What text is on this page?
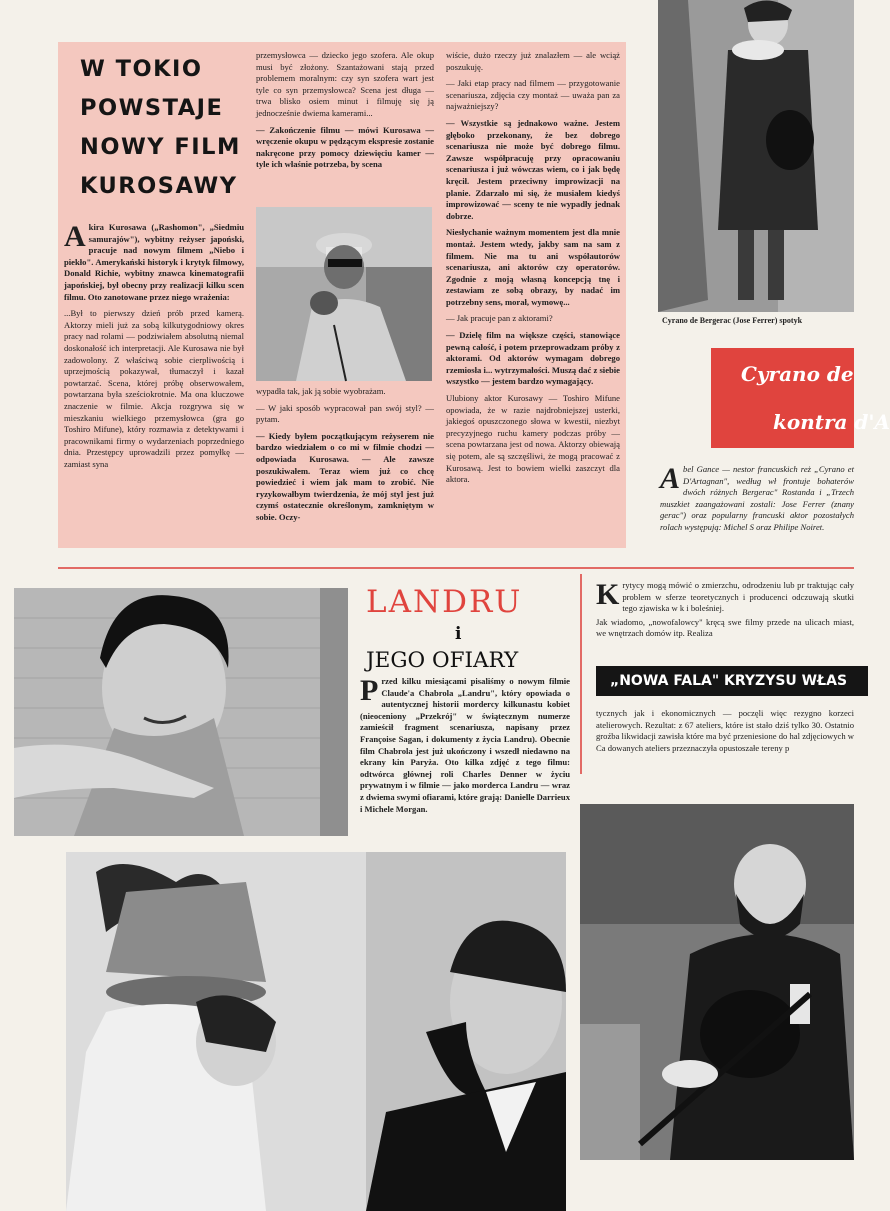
W TOKIO
POWSTAJE
NOWY FILM
KUROSAWY

Akira Kurosawa („Rashomon", „Siedmiu samurajów"), wybitny reżyser japoński, pracuje nad nowym filmem „Niebo i piekło". Amerykański historyk i krytyk filmowy, Donald Richie, wybitny znawca kinematografii japońskiej, był obecny przy realizacji kilku scen filmu. Oto zanotowane przez niego wrażenia:

...Był to pierwszy dzień prób przed kamerą. Aktorzy mieli już za sobą kilkutygodniowy okres pracy nad rolami — podziwiałem absolutną niemal doskonałość ich interpretacji. Ale Kurosawa nie był zadowolony. Z właściwą sobie cierpliwością i uprzejmością pokazywał, tłumaczył i kazał powtarzać. Scena, której próbę obserwowałem, powtarzana była sześciokrotnie. Ma ona kluczowe znaczenie w filmie. Akcja rozgrywa się w mieszkaniu wielkiego przemysłowca (gra go Toshiro Mifune), który rozmawia z detektywami i pracownikami firmy o wydarzeniach poprzedniego dnia. Przestępcy uprowadzili przez pomyłkę — zamiast syna

przemysłowca — dziecko jego szofera. Ale okup musi być złożony. Szantażowani stają przed problemem moralnym: czy syn szofera wart jest tyle co syn przemysłowca? Scena jest długa — trwa blisko osiem minut i filmuję się ją jednocześnie dwiema kamerami...

— Zakończenie filmu — mówi Kurosawa — wręczenie okupu w pędzącym ekspresie zostanie nakręcone przy pomocy dziewięciu kamer — tyle ich właśnie potrzeba, by scena

wypadła tak, jak ją sobie wyobrażam.

— W jaki sposób wypracował pan swój styl? — pytam.

— Kiedy byłem początkującym reżyserem nie bardzo wiedziałem o co mi w filmie chodzi — odpowiada Kurosawa. — Ale zawsze poszukiwałem. Teraz wiem już co chcę powiedzieć i wiem jak mam to zrobić. Nie ryzykowałbym twierdzenia, że mój styl jest już czymś ostatecznie określonym, zamkniętym w sobie. Oczy-

wiście, dużo rzeczy już znalazłem — ale wciąż poszukuję.

— Jaki etap pracy nad filmem — przygotowanie scenariusza, zdjęcia czy montaż — uważa pan za najważniejszy?

— Wszystkie są jednakowo ważne. Jestem głęboko przekonany, że bez dobrego scenariusza nie może być dobrego filmu. Zawsze współpracuję przy opracowaniu scenariusza i już wówczas wiem, co i jak będę kręcił. Jestem przeciwny improwizacji na planie. Zdarzało mi się, że musiałem kiedyś improwizować — sceny te nie wypadły jednak dobrze.

Niesłychanie ważnym momentem jest dla mnie montaż. Jestem wtedy, jakby sam na sam z filmem. Nie ma tu ani współautorów scenariusza, ani aktorów czy operatorów. Zgodnie z moją własną koncepcją tnę i zestawiam ze sobą obrazy, by nadać im potrzebny sens, morał, wymowę...

— Jak pracuje pan z aktorami?

— Dzielę film na większe części, stanowiące pewną całość, i potem przeprowadzam próby z aktorami. Od aktorów wymagam dobrego rzemiosła i... wytrzymałości. Muszą dać z siebie wszystko — jestem bardzo wymagający.

Ulubiony aktor Kurosawy — Toshiro Mifune opowiada, że w razie najdrobniejszej usterki, jakiegoś opuszczonego słowa w kwestii, niezbyt precyzyjnego ruchu kamery podczas próby — scena powtarzana jest od nowa. Aktorzy obiewają się potem, ale są szczęśliwi, że mogą pracować z Kurosawą. Jest to bowiem wielki zaszczyt dla aktora.

Cyrano de Bergerac (Jose Ferrer) spotyk
Cyrano de
kontra d'A

Abel Gance — nestor francuskich reż „Cyrano et D'Artagnan", według wł frontuje bohaterów dwóch różnych Bergerac" Rostanda i „Trzech muszkiet zaangażowani zostali: Jose Ferrer (znany gerac") oraz popularny francuski aktor pozostałych rolach występują: Michel S oraz Philipe Noiret.

LANDRU
i
JEGO OFIARY

Przed kilku miesiącami pisaliśmy o nowym filmie Claude'a Chabrola „Landru", który opowiada o autentycznej historii mordercy kilkunastu kobiet (nieoceniony „Przekrój" w świątecznym numerze zamieścił fragment scenariusza, napisany przez Françoise Sagan, i dokumenty z życia Landru). Obecnie film Chabrola jest już ukończony i wszedł niedawno na ekrany kin Paryża. Oto kilka zdjęć z tego filmu: odtwórca głównej roli Charles Denner w życiu prywatnym i w filmie — jako morderca Landru — wraz z dwiema swymi ofiarami, które grają: Danielle Darrieux i Michele Morgan.

Krytycy mogą mówić o zmierzchu, odrodzeniu lub pr traktując cały problem w sferze teoretycznych i producenci odczuwają skutki tego zjawiska w k i boleśniej.

Jak wiadomo, „nowofalowcy" kręcą swe filmy przede na ulicach miast, we wnętrzach domów itp. Realiza

„NOWA FALA" KRYZYSU WŁAS

tycznych jak i ekonomicznych — poczęli więc rezygno korzeci atelierowych. Rezultat: z 67 ateliers, które ist stało dziś tylko 30. Ostatnio groźba likwidacji zawisła które ma być przeniesione do hal zdjęciowych w Ca dowanych ateliers przeznaczyła opustoszałe tereny p
